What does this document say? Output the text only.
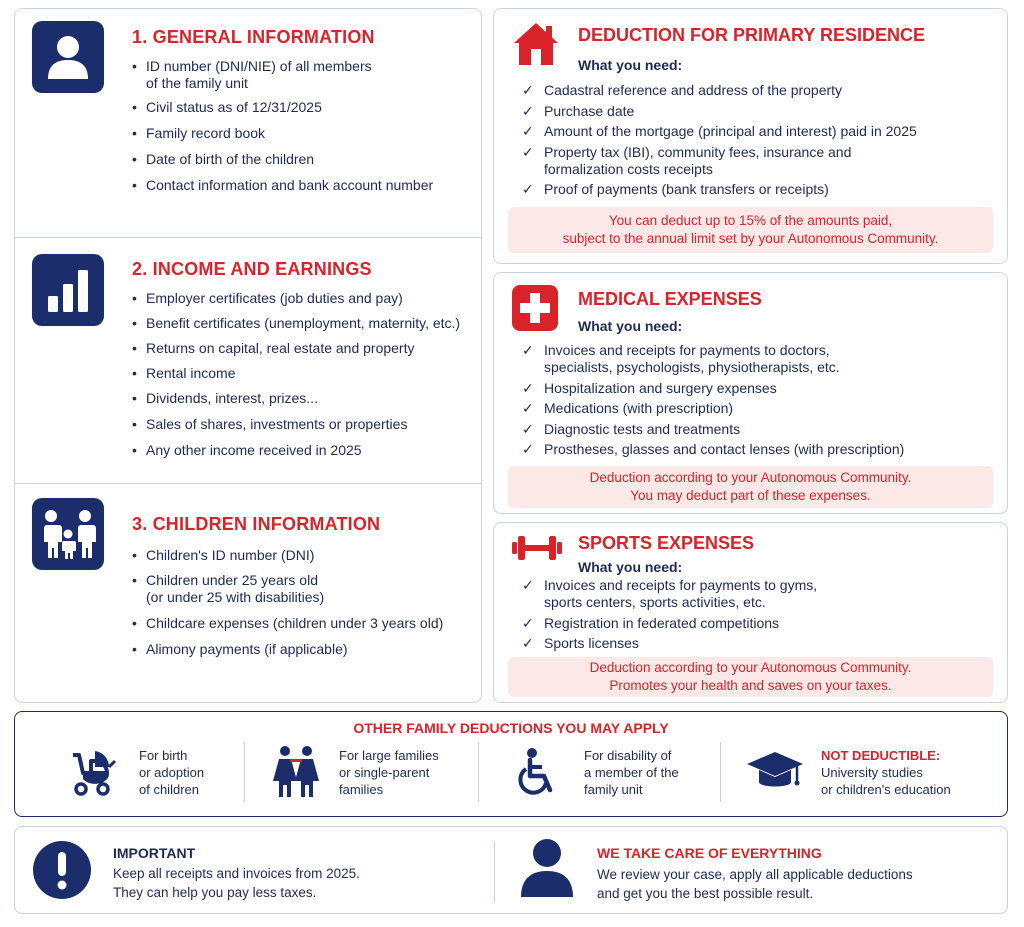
1. GENERAL INFORMATION
• ID number (DNI/NIE) of all members
of the family unit
• Civil status as of 12/31/2025
• Family record book
• Date of birth of the children
• Contact information and bank account number
2. INCOME AND EARNINGS
• Employer certificates (job duties and pay)
• Benefit certificates (unemployment, maternity, etc.)
• Returns on capital, real estate and property
• Rental income
• Dividends, interest, prizes...
• Sales of shares, investments or properties
• Any other income received in 2025
3. CHILDREN INFORMATION
• Children's ID number (DNI)
• Children under 25 years old
(or under 25 with disabilities)
• Childcare expenses (children under 3 years old)
• Alimony payments (if applicable)
DEDUCTION FOR PRIMARY RESIDENCE
What you need:
✓ Cadastral reference and address of the property
✓ Purchase date
✓ Amount of the mortgage (principal and interest) paid in 2025
✓ Property tax (IBI), community fees, insurance and formalization costs receipts
✓ Proof of payments (bank transfers or receipts)
You can deduct up to 15% of the amounts paid,
subject to the annual limit set by your Autonomous Community.
MEDICAL EXPENSES
What you need:
✓ Invoices and receipts for payments to doctors, specialists, psychologists, physiotherapists, etc.
✓ Hospitalization and surgery expenses
✓ Medications (with prescription)
✓ Diagnostic tests and treatments
✓ Prostheses, glasses and contact lenses (with prescription)
Deduction according to your Autonomous Community.
You may deduct part of these expenses.
SPORTS EXPENSES
What you need:
✓ Invoices and receipts for payments to gyms, sports centers, sports activities, etc.
✓ Registration in federated competitions
✓ Sports licenses
Deduction according to your Autonomous Community.
Promotes your health and saves on your taxes.
OTHER FAMILY DEDUCTIONS YOU MAY APPLY
For birth
or adoption
of children
For large families
or single-parent
families
For disability of
a member of the
family unit
NOT DEDUCTIBLE:
University studies
or children's education
IMPORTANT
Keep all receipts and invoices from 2025.
They can help you pay less taxes.
WE TAKE CARE OF EVERYTHING
We review your case, apply all applicable deductions
and get you the best possible result.
